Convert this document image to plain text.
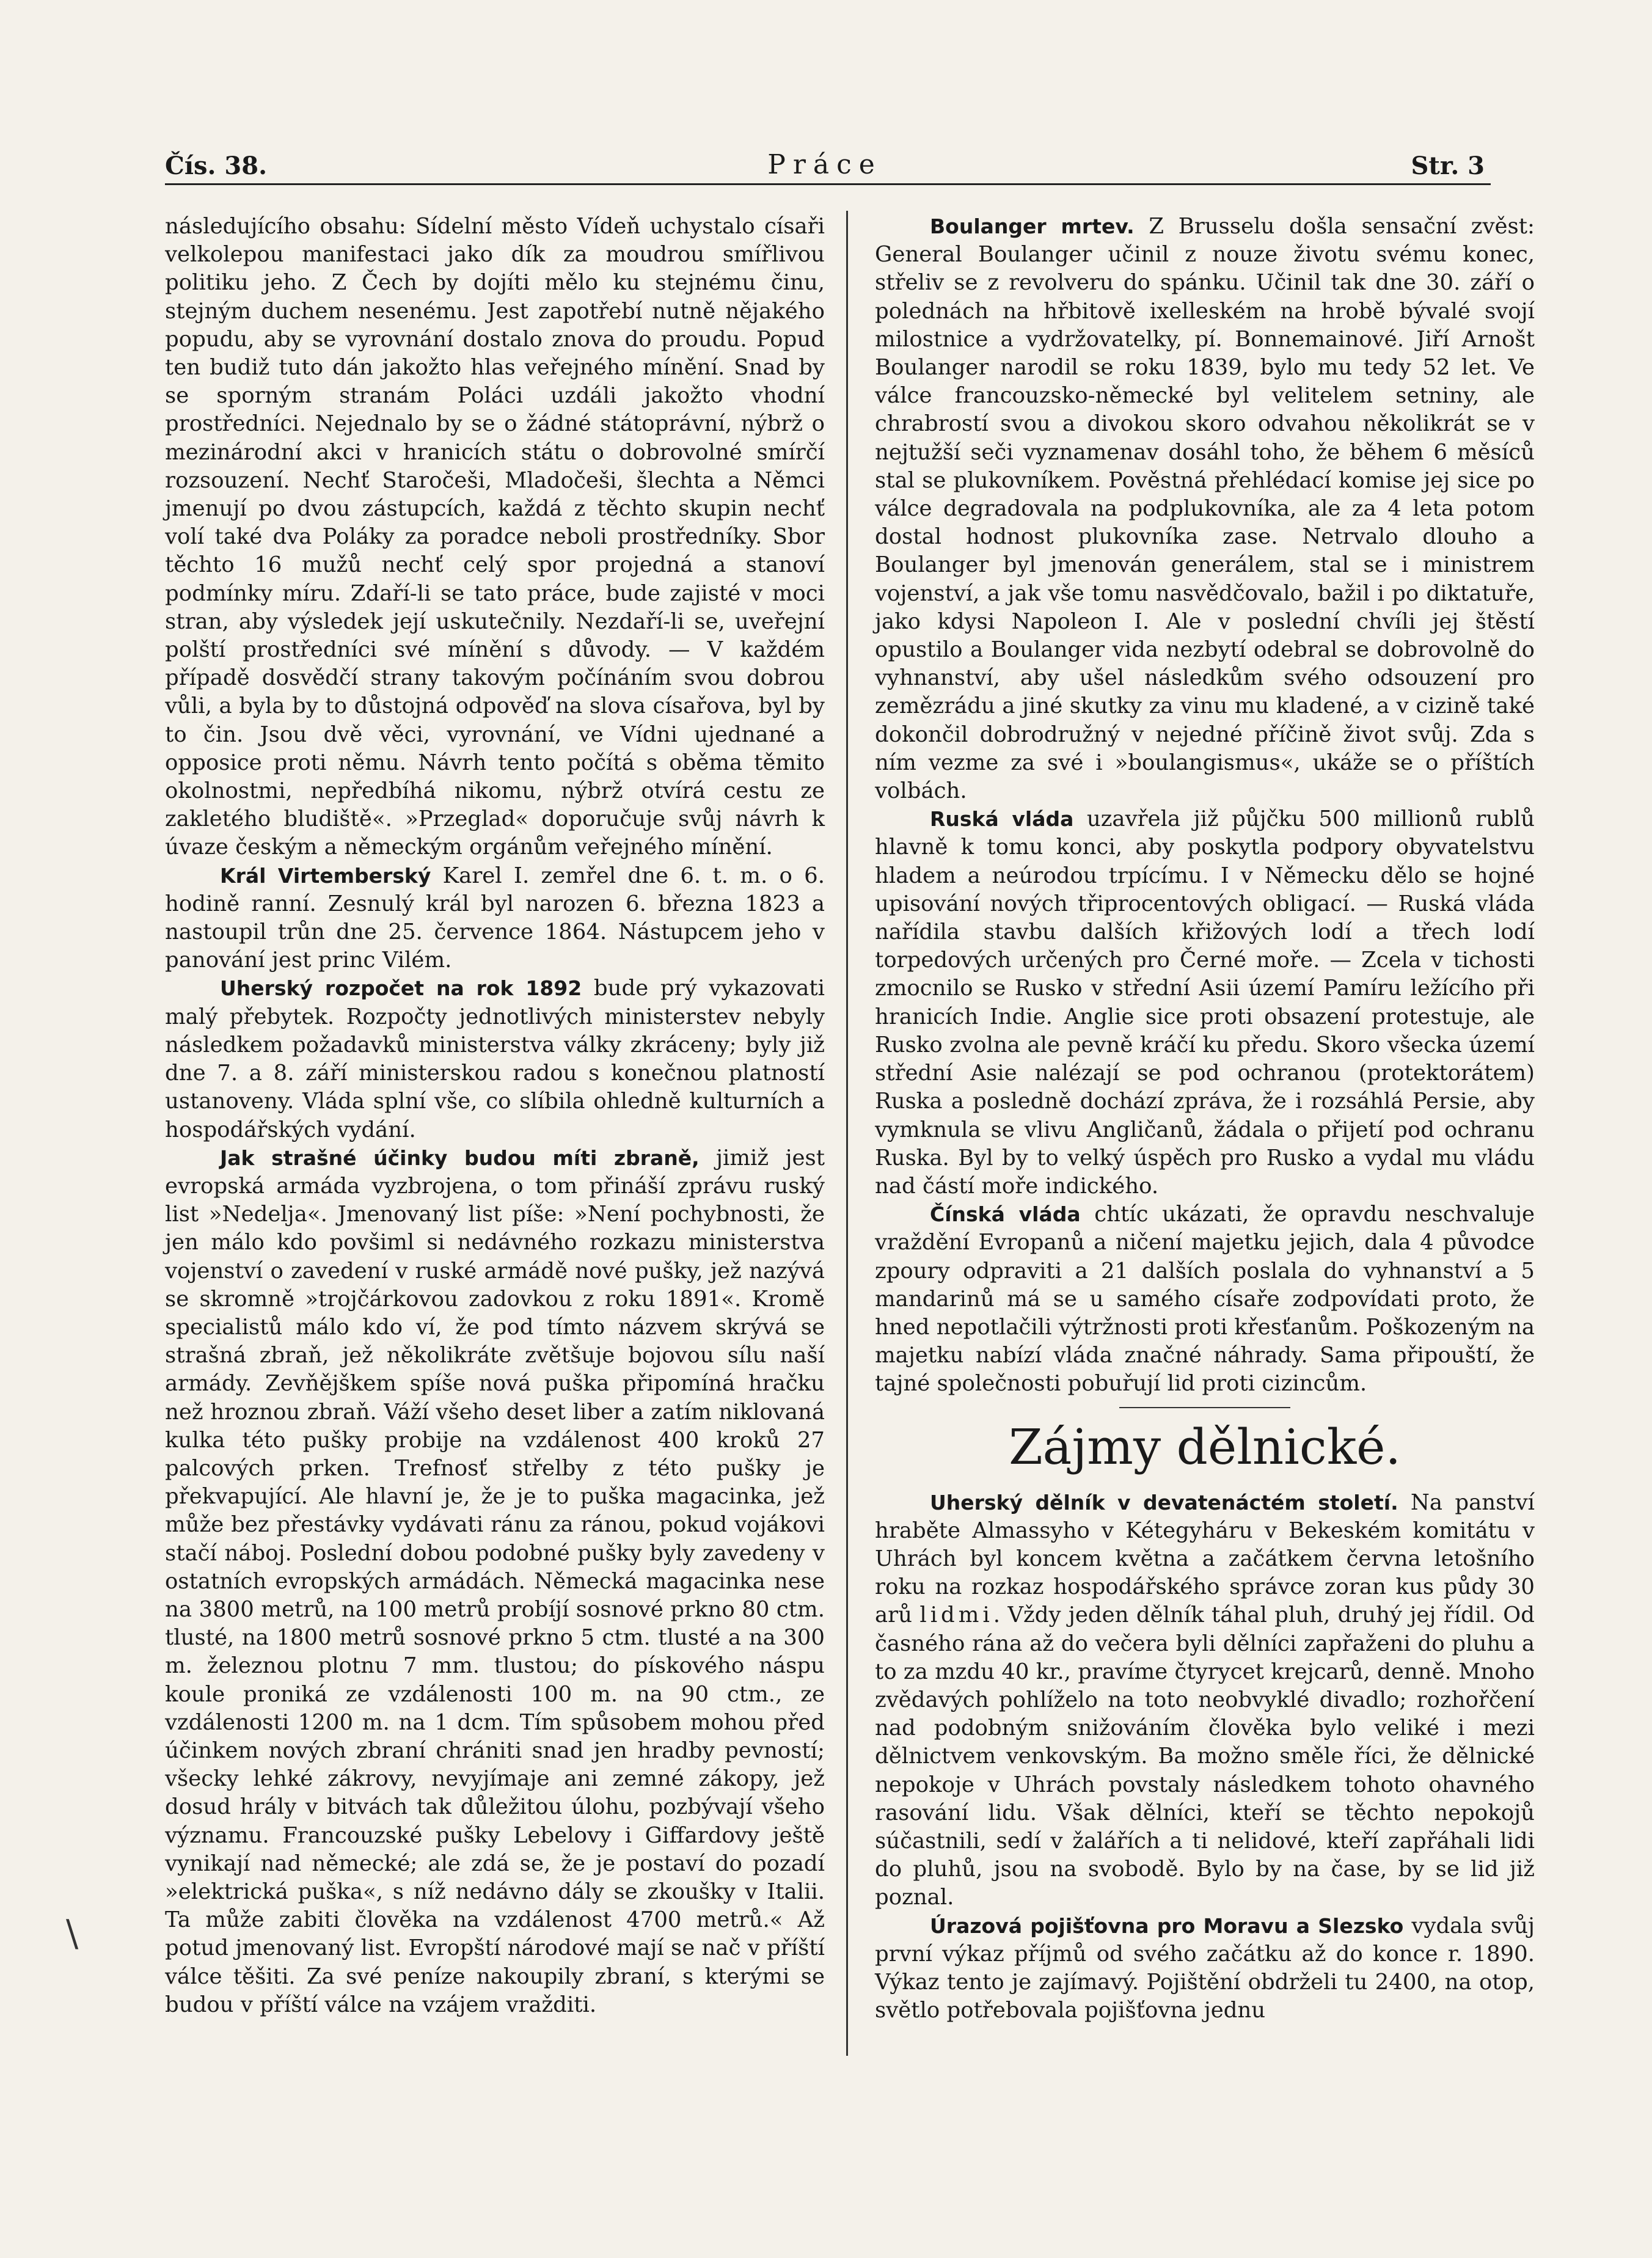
Čís. 38.	Práce	Str. 3

následujícího obsahu: Sídelní město Vídeň uchystalo císaři velkolepou manifestaci jako dík za moudrou smířlivou politiku jeho. Z Čech by dojíti mělo ku stejnému činu, stejným duchem nesenému. Jest zapotřebí nutně nějakého popudu, aby se vyrovnání dostalo znova do proudu. Popud ten budiž tuto dán jakožto hlas veřejného mínění. Snad by se sporným stranám Poláci uzdáli jakožto vhodní prostředníci. Nejednalo by se o žádné státoprávní, nýbrž o mezinárodní akci v hranicích státu o dobrovolné smírčí rozsouzení. Nechť Staročeši, Mladočeši, šlechta a Němci jmenují po dvou zástupcích, každá z těchto skupin nechť volí také dva Poláky za poradce neboli prostředníky. Sbor těchto 16 mužů nechť celý spor projedná a stanoví podmínky míru. Zdaří-li se tato práce, bude zajisté v moci stran, aby výsledek její uskutečnily. Nezdaří-li se, uveřejní polští prostředníci své mínění s důvody. — V každém případě dosvědčí strany takovým počínáním svou dobrou vůli, a byla by to důstojná odpověď na slova císařova, byl by to čin. Jsou dvě věci, vyrovnání, ve Vídni ujednané a opposice proti němu. Návrh tento počítá s oběma těmito okolnostmi, nepředbíhá nikomu, nýbrž otvírá cestu ze zakletého bludiště«. »Przeglad« doporučuje svůj návrh k úvaze českým a německým orgánům veřejného mínění.

Král Virtemberský Karel I. zemřel dne 6. t. m. o 6. hodině ranní. Zesnulý král byl narozen 6. března 1823 a nastoupil trůn dne 25. července 1864. Nástupcem jeho v panování jest princ Vilém.

Uherský rozpočet na rok 1892 bude prý vykazovati malý přebytek. Rozpočty jednotlivých ministerstev nebyly následkem požadavků ministerstva války zkráceny; byly již dne 7. a 8. září ministerskou radou s konečnou platností ustanoveny. Vláda splní vše, co slíbila ohledně kulturních a hospodářských vydání.

Jak strašné účinky budou míti zbraně, jimiž jest evropská armáda vyzbrojena, o tom přináší zprávu ruský list »Nedelja«. Jmenovaný list píše: »Není pochybnosti, že jen málo kdo povšiml si nedávného rozkazu ministerstva vojenství o zavedení v ruské armádě nové pušky, jež nazývá se skromně »trojčárkovou zadovkou z roku 1891«. Kromě specialistů málo kdo ví, že pod tímto názvem skrývá se strašná zbraň, jež několikráte zvětšuje bojovou sílu naší armády. Zevňějškem spíše nová puška připomíná hračku než hroznou zbraň. Váží všeho deset liber a zatím niklovaná kulka této pušky probije na vzdálenost 400 kroků 27 palcových prken. Trefnosť střelby z této pušky je překvapující. Ale hlavní je, že je to puška magacinka, jež může bez přestávky vydávati ránu za ránou, pokud vojákovi stačí náboj. Poslední dobou podobné pušky byly zavedeny v ostatních evropských armádách. Německá magacinka nese na 3800 metrů, na 100 metrů probíjí sosnové prkno 80 ctm. tlusté, na 1800 metrů sosnové prkno 5 ctm. tlusté a na 300 m. železnou plotnu 7 mm. tlustou; do pískového náspu koule proniká ze vzdálenosti 100 m. na 90 ctm., ze vzdálenosti 1200 m. na 1 dcm. Tím spůsobem mohou před účinkem nových zbraní chrániti snad jen hradby pevností; všecky lehké zákrovy, nevyjímaje ani zemné zákopy, jež dosud hrály v bitvách tak důležitou úlohu, pozbývají všeho významu. Francouzské pušky Lebelovy i Giffardovy ještě vynikají nad německé; ale zdá se, že je postaví do pozadí »elektrická puška«, s níž nedávno dály se zkoušky v Italii. Ta může zabiti člověka na vzdálenost 4700 metrů.« Až potud jmenovaný list. Evropští národové mají se nač v příští válce těšiti. Za své peníze nakoupily zbraní, s kterými se budou v příští válce na vzájem vražditi.

Boulanger mrtev. Z Brusselu došla sensační zvěst: General Boulanger učinil z nouze životu svému konec, střeliv se z revolveru do spánku. Učinil tak dne 30. září o polednách na hřbitově ixelleském na hrobě bývalé svojí milostnice a vydržovatelky, pí. Bonnemainové. Jiří Arnošt Boulanger narodil se roku 1839, bylo mu tedy 52 let. Ve válce francouzsko-německé byl velitelem setniny, ale chrabrostí svou a divokou skoro odvahou několikrát se v nejtužší seči vyznamenav dosáhl toho, že během 6 měsíců stal se plukovníkem. Pověstná přehlédací komise jej sice po válce degradovala na podplukovníka, ale za 4 leta potom dostal hodnost plukovníka zase. Netrvalo dlouho a Boulanger byl jmenován generálem, stal se i ministrem vojenství, a jak vše tomu nasvědčovalo, bažil i po diktatuře, jako kdysi Napoleon I. Ale v poslední chvíli jej štěstí opustilo a Boulanger vida nezbytí odebral se dobrovolně do vyhnanství, aby ušel následkům svého odsouzení pro zemězrádu a jiné skutky za vinu mu kladené, a v cizině také dokončil dobrodružný v nejedné příčině život svůj. Zda s ním vezme za své i »boulangismus«, ukáže se o příštích volbách.

Ruská vláda uzavřela již půjčku 500 millionů rublů hlavně k tomu konci, aby poskytla podpory obyvatelstvu hladem a neúrodou trpícímu. I v Německu dělo se hojné upisování nových třiprocentových obligací. — Ruská vláda nařídila stavbu dalších křižových lodí a třech lodí torpedových určených pro Černé moře. — Zcela v tichosti zmocnilo se Rusko v střední Asii území Pamíru ležícího při hranicích Indie. Anglie sice proti obsazení protestuje, ale Rusko zvolna ale pevně kráčí ku předu. Skoro všecka území střední Asie nalézají se pod ochranou (protektorátem) Ruska a posledně dochází zpráva, že i rozsáhlá Persie, aby vymknula se vlivu Angličanů, žádala o přijetí pod ochranu Ruska. Byl by to velký úspěch pro Rusko a vydal mu vládu nad částí moře indického.

Čínská vláda chtíc ukázati, že opravdu neschvaluje vraždění Evropanů a ničení majetku jejich, dala 4 původce zpoury odpraviti a 21 dalších poslala do vyhnanství a 5 mandarinů má se u samého císaře zodpovídati proto, že hned nepotlačili výtržnosti proti křesťanům. Poškozeným na majetku nabízí vláda značné náhrady. Sama připouští, že tajné společnosti pobuřují lid proti cizincům.

Zájmy dělnické.

Uherský dělník v devatenáctém století. Na panství hraběte Almassyho v Kétegyháru v Bekeském komitátu v Uhrách byl koncem května a začátkem června letošního roku na rozkaz hospodářského správce zoran kus půdy 30 arů lidmi. Vždy jeden dělník táhal pluh, druhý jej řídil. Od časného rána až do večera byli dělníci zapřaženi do pluhu a to za mzdu 40 kr., pravíme čtyrycet krejcarů, denně. Mnoho zvědavých pohlíželo na toto neobvyklé divadlo; rozhořčení nad podobným snižováním člověka bylo veliké i mezi dělnictvem venkovským. Ba možno směle říci, že dělnické nepokoje v Uhrách povstaly následkem tohoto ohavného rasování lidu. Však dělníci, kteří se těchto nepokojů súčastnili, sedí v žalářích a ti nelidové, kteří zapřáhali lidi do pluhů, jsou na svobodě. Bylo by na čase, by se lid již poznal.

Úrazová pojišťovna pro Moravu a Slezsko vydala svůj první výkaz příjmů od svého začátku až do konce r. 1890. Výkaz tento je zajímavý. Pojištění obdrželi tu 2400, na otop, světlo potřebovala pojišťovna jednu

\
